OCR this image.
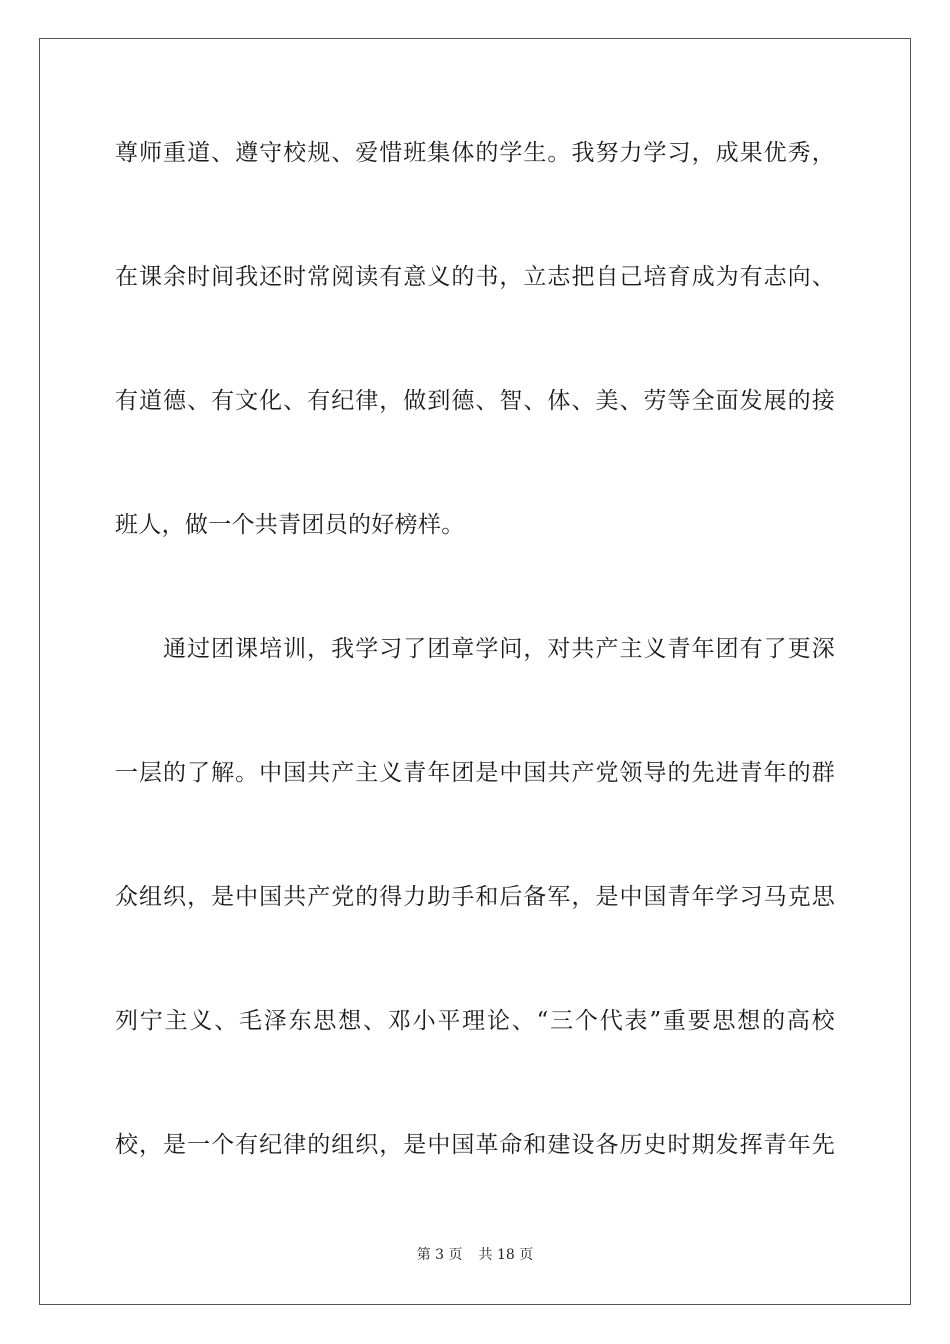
尊师重道、遵守校规、爱惜班集体的学生。我努力学习，成果优秀，
在课余时间我还时常阅读有意义的书，立志把自己培育成为有志向、
有道德、有文化、有纪律，做到德、智、体、美、劳等全面发展的接
班人，做一个共青团员的好榜样。
通过团课培训，我学习了团章学问，对共产主义青年团有了更深
一层的了解。中国共产主义青年团是中国共产党领导的先进青年的群
众组织，是中国共产党的得力助手和后备军，是中国青年学习马克思
列宁主义、毛泽东思想、邓小平理论、“三个代表”重要思想的高校
校，是一个有纪律的组织，是中国革命和建设各历史时期发挥青年先
第 3 页 共 18 页
